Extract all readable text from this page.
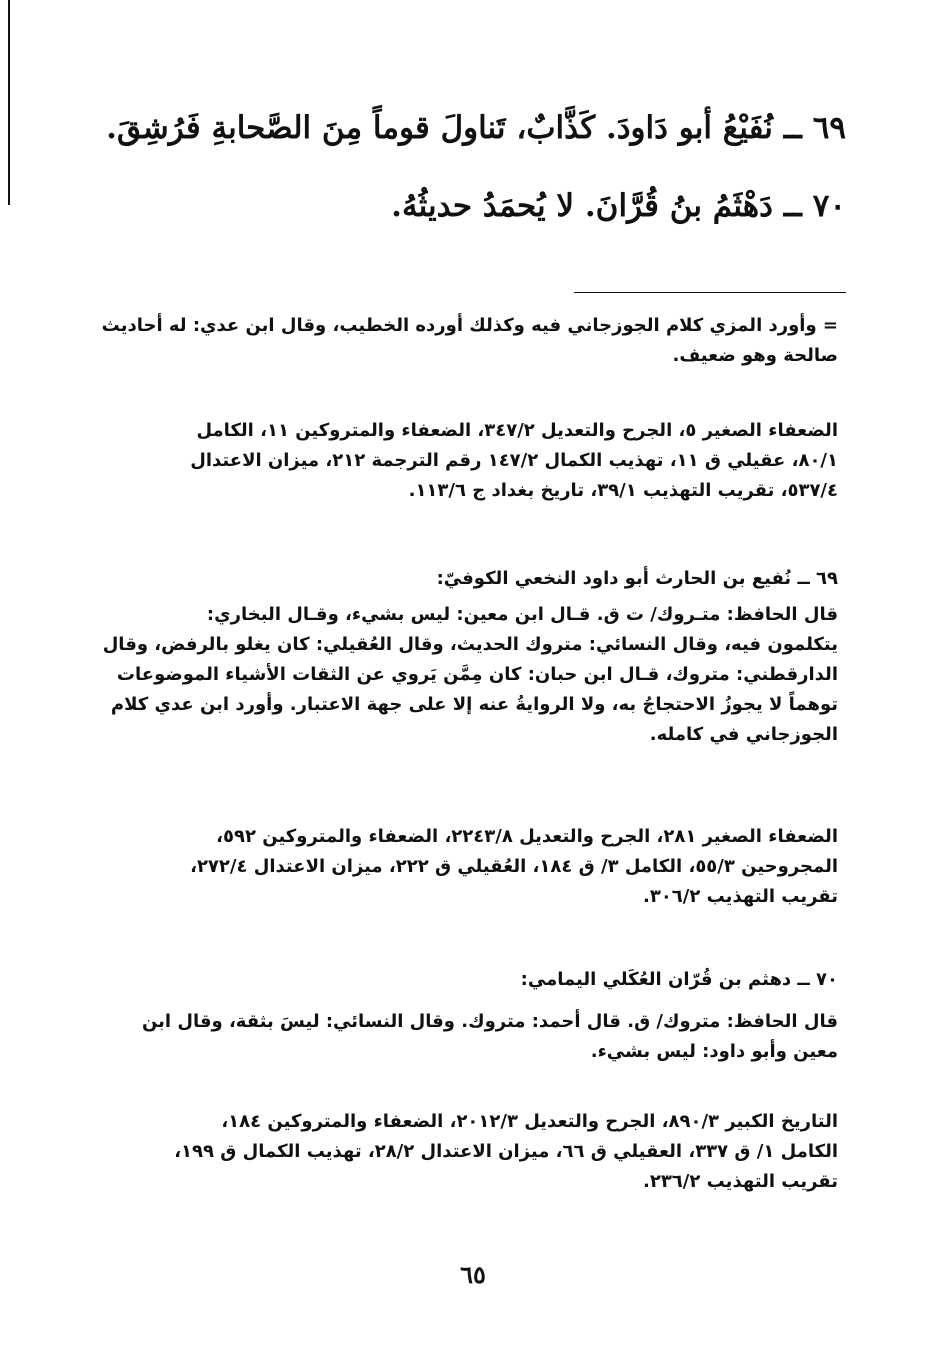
٦٩ ــ نُفَيْعُ أبو دَاودَ. كَذَّابٌ، تَناولَ قوماً مِنَ الصَّحابةِ فَرُشِقَ.
٧٠ ــ دَهْثَمُ بنُ قُرَّانَ. لا يُحمَدُ حديثُهُ.
= وأورد المزي كلام الجوزجاني فيه وكذلك أورده الخطيب، وقال ابن عدي: له أحاديث
صالحة وهو ضعيف.
الضعفاء الصغير ٥، الجرح والتعديل ٣٤٧/٢، الضعفاء والمتروكين ١١، الكامل
٨٠/١، عقيلي ق ١١، تهذيب الكمال ١٤٧/٢ رقم الترجمة ٢١٢، ميزان الاعتدال
٥٣٧/٤، تقريب التهذيب ٣٩/١، تاريخ بغداد ج ١١٣/٦.
٦٩ ــ نُفيع بن الحارث أبو داود النخعي الكوفيّ:
قال الحافظ: متـروك/ ت ق. قـال ابن معين: ليس بشيء، وقـال البخاري:
يتكلمون فيه، وقال النسائي: متروك الحديث، وقال العُقيلي: كان يغلو بالرفض، وقال
الدارقطني: متروك، قـال ابن حبان: كان مِمَّن يَروي عن الثقات الأشياء الموضوعات
توهماً لا يجوزُ الاحتجاجُ به، ولا الروايةُ عنه إلا على جهة الاعتبار. وأورد ابن عدي كلام
الجوزجاني في كامله.
الضعفاء الصغير ٢٨١، الجرح والتعديل ٢٢٤٣/٨، الضعفاء والمتروكين ٥٩٢،
المجروحين ٥٥/٣، الكامل ٣/ ق ١٨٤، العُقيلي ق ٢٢٢، ميزان الاعتدال ٢٧٢/٤،
تقريب التهذيب ٣٠٦/٢.
٧٠ ــ دهثم بن قُرّان العُكَلي اليمامي:
قال الحافظ: متروك/ ق. قال أحمد: متروك. وقال النسائي: ليسَ بثقة، وقال ابن
معين وأبو داود: ليس بشيء.
التاريخ الكبير ٨٩٠/٣، الجرح والتعديل ٢٠١٢/٣، الضعفاء والمتروكين ١٨٤،
الكامل ١/ ق ٣٣٧، العقيلي ق ٦٦، ميزان الاعتدال ٢٨/٢، تهذيب الكمال ق ١٩٩،
تقريب التهذيب ٢٣٦/٢.
٦٥
